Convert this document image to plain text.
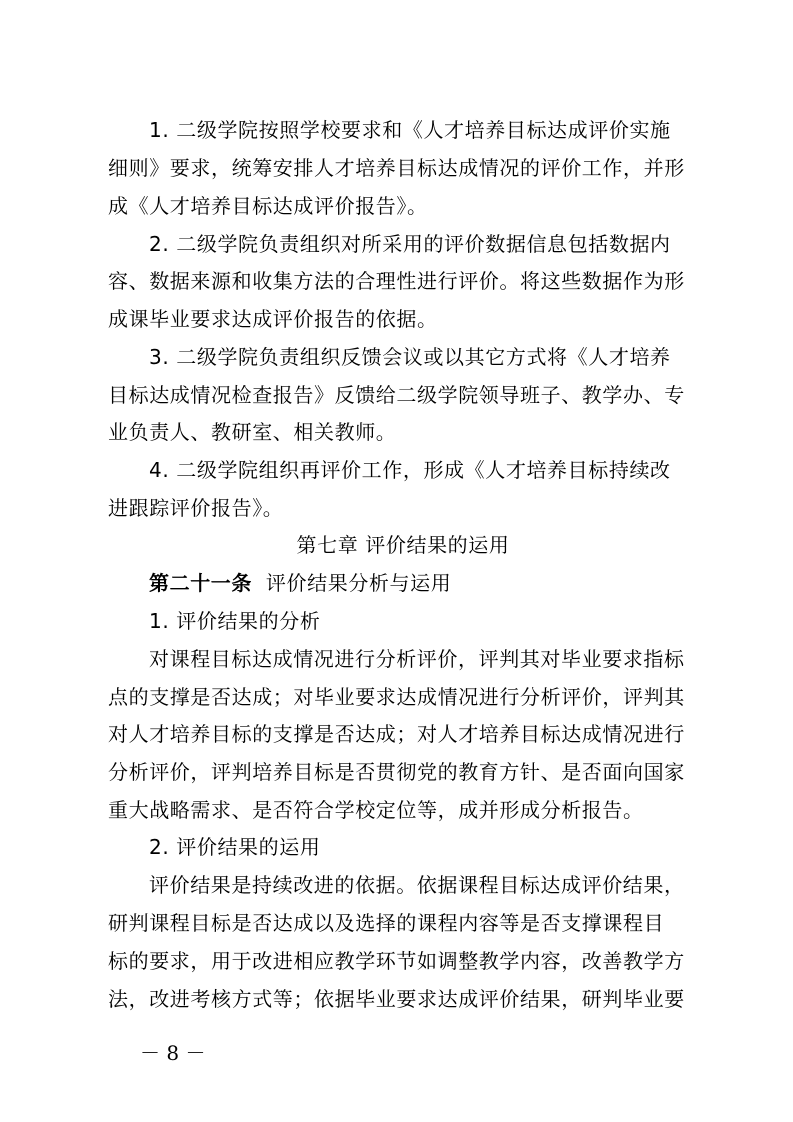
1. 二级学院按照学校要求和《人才培养目标达成评价实施
细则》要求，统筹安排人才培养目标达成情况的评价工作，并形
成《人才培养目标达成评价报告》。
2. 二级学院负责组织对所采用的评价数据信息包括数据内
容、数据来源和收集方法的合理性进行评价。将这些数据作为形
成课毕业要求达成评价报告的依据。
3. 二级学院负责组织反馈会议或以其它方式将《人才培养
目标达成情况检查报告》反馈给二级学院领导班子、教学办、专
业负责人、教研室、相关教师。
4. 二级学院组织再评价工作，形成《人才培养目标持续改
进跟踪评价报告》。
第七章 评价结果的运用
第二十一条 评价结果分析与运用
1. 评价结果的分析
对课程目标达成情况进行分析评价，评判其对毕业要求指标
点的支撑是否达成；对毕业要求达成情况进行分析评价，评判其
对人才培养目标的支撑是否达成；对人才培养目标达成情况进行
分析评价，评判培养目标是否贯彻党的教育方针、是否面向国家
重大战略需求、是否符合学校定位等，成并形成分析报告。
2. 评价结果的运用
评价结果是持续改进的依据。依据课程目标达成评价结果，
研判课程目标是否达成以及选择的课程内容等是否支撑课程目
标的要求，用于改进相应教学环节如调整教学内容，改善教学方
法，改进考核方式等；依据毕业要求达成评价结果，研判毕业要
－ 8 －
